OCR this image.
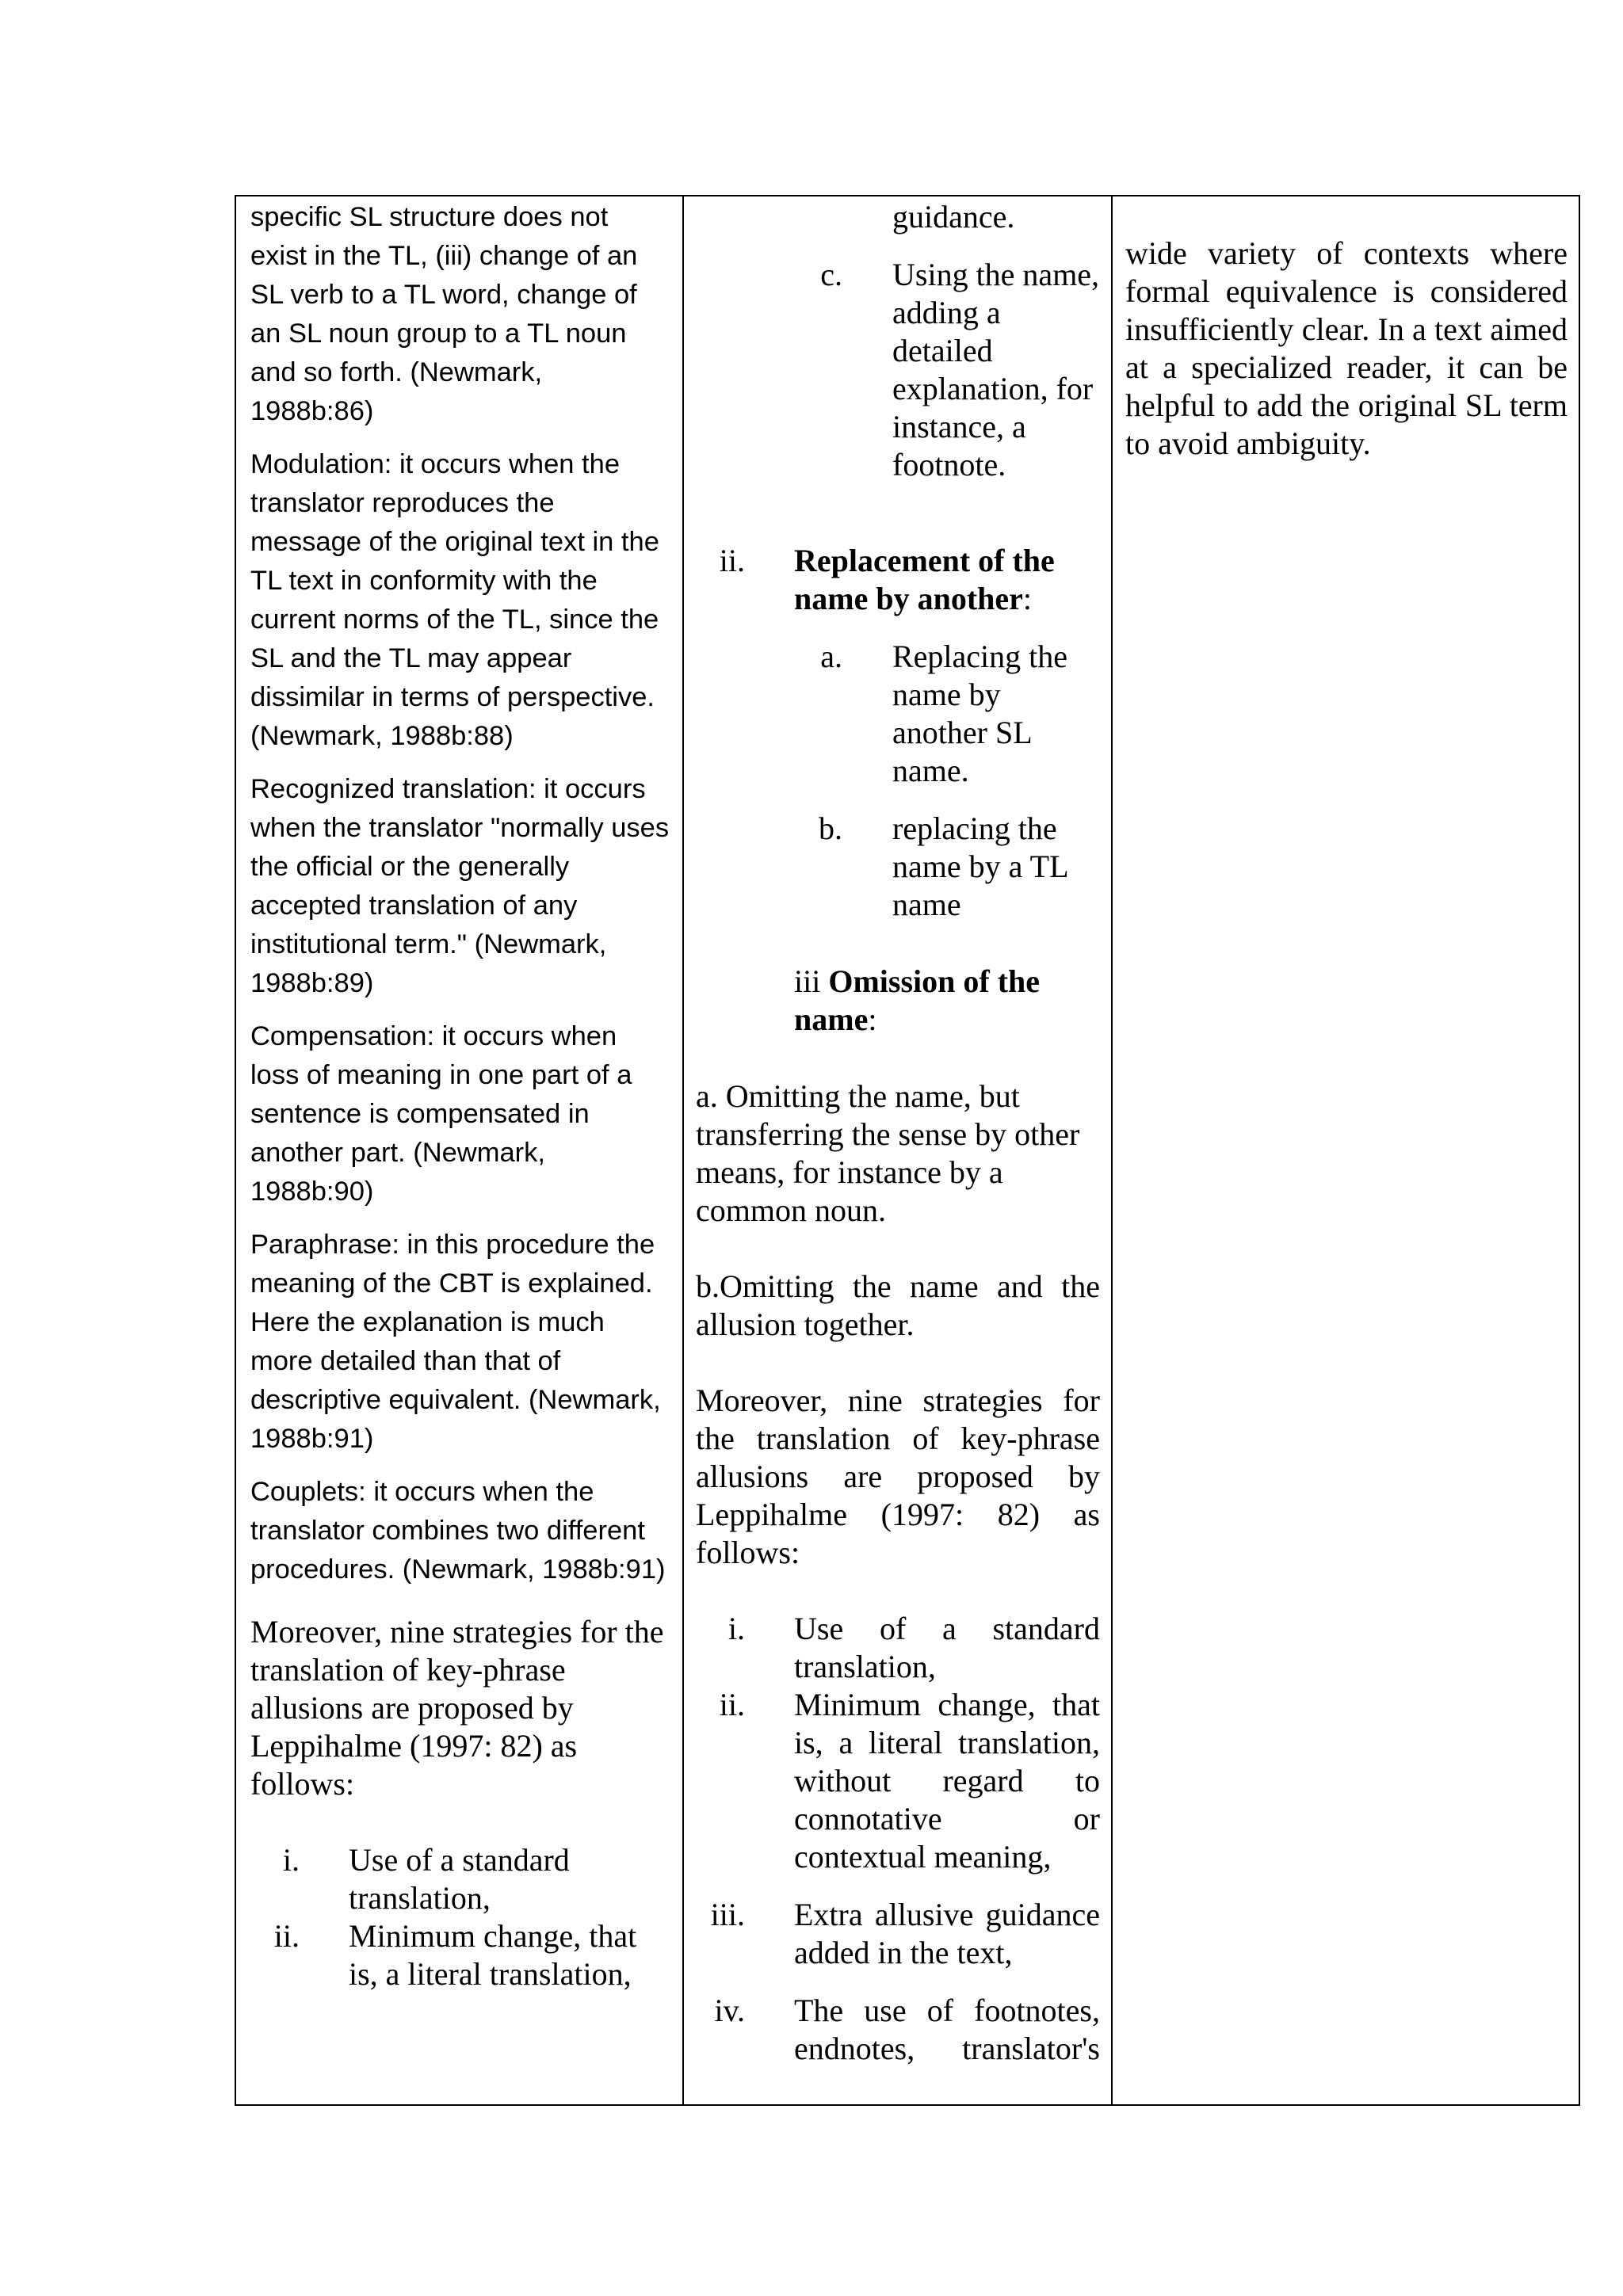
specific SL structure does not exist in the TL, (iii) change of an SL verb to a TL word, change of an SL noun group to a TL noun and so forth. (Newmark, 1988b:86)

Modulation: it occurs when the translator reproduces the message of the original text in the TL text in conformity with the current norms of the TL, since the SL and the TL may appear dissimilar in terms of perspective. (Newmark, 1988b:88)

Recognized translation: it occurs when the translator "normally uses the official or the generally accepted translation of any institutional term." (Newmark, 1988b:89)

Compensation: it occurs when loss of meaning in one part of a sentence is compensated in another part. (Newmark, 1988b:90)

Paraphrase: in this procedure the meaning of the CBT is explained. Here the explanation is much more detailed than that of descriptive equivalent. (Newmark, 1988b:91)

Couplets: it occurs when the translator combines two different procedures. (Newmark, 1988b:91)

Moreover, nine strategies for the translation of key-phrase allusions are proposed by Leppihalme (1997: 82) as follows:

i. Use of a standard translation,
ii. Minimum change, that is, a literal translation,

guidance.

c. Using the name, adding a detailed explanation, for instance, a footnote.
ii. Replacement of the name by another:
a. Replacing the name by another SL name.
b. replacing the name by a TL name

iii Omission of the name:

a. Omitting the name, but transferring the sense by other means, for instance by a common noun.

b.Omitting the name and the allusion together.

Moreover, nine strategies for the translation of key-phrase allusions are proposed by Leppihalme (1997: 82) as follows:

i. Use of a standard translation,
ii. Minimum change, that is, a literal translation, without regard to connotative or contextual meaning,
iii. Extra allusive guidance added in the text,
iv. The use of footnotes, endnotes, translator's

wide variety of contexts where formal equivalence is considered insufficiently clear. In a text aimed at a specialized reader, it can be helpful to add the original SL term to avoid ambiguity.
